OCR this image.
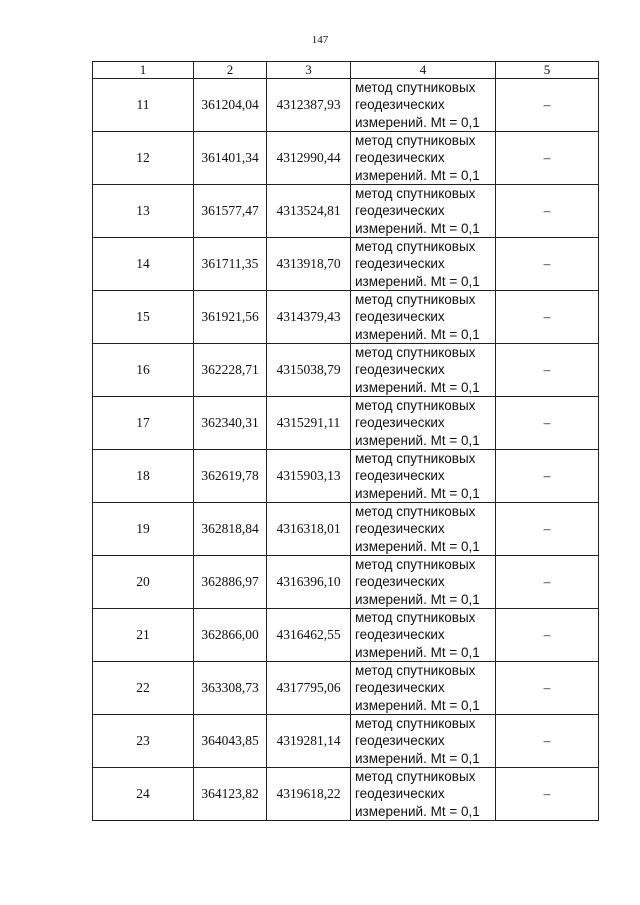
147
1	2	3	4	5
11	361204,04	4312387,93	метод спутниковых
геодезических
измерений. Mt = 0,1	–
12	361401,34	4312990,44	метод спутниковых
геодезических
измерений. Mt = 0,1	–
13	361577,47	4313524,81	метод спутниковых
геодезических
измерений. Mt = 0,1	–
14	361711,35	4313918,70	метод спутниковых
геодезических
измерений. Mt = 0,1	–
15	361921,56	4314379,43	метод спутниковых
геодезических
измерений. Mt = 0,1	–
16	362228,71	4315038,79	метод спутниковых
геодезических
измерений. Mt = 0,1	–
17	362340,31	4315291,11	метод спутниковых
геодезических
измерений. Mt = 0,1	–
18	362619,78	4315903,13	метод спутниковых
геодезических
измерений. Mt = 0,1	–
19	362818,84	4316318,01	метод спутниковых
геодезических
измерений. Mt = 0,1	–
20	362886,97	4316396,10	метод спутниковых
геодезических
измерений. Mt = 0,1	–
21	362866,00	4316462,55	метод спутниковых
геодезических
измерений. Mt = 0,1	–
22	363308,73	4317795,06	метод спутниковых
геодезических
измерений. Mt = 0,1	–
23	364043,85	4319281,14	метод спутниковых
геодезических
измерений. Mt = 0,1	–
24	364123,82	4319618,22	метод спутниковых
геодезических
измерений. Mt = 0,1	–
